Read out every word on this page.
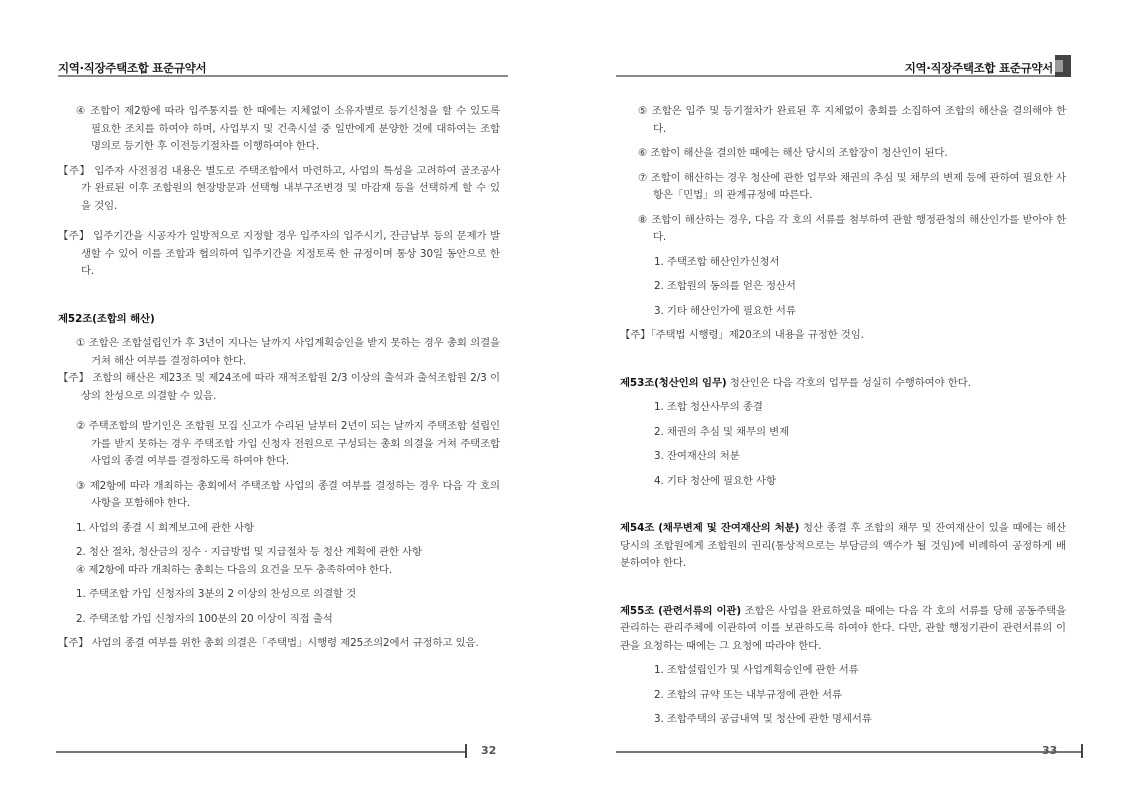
지역·직장주택조합 표준규약서

④ 조합이 제2항에 따라 입주통지를 한 때에는 지체없이 소유자별로 등기신청을 할 수 있도록 필요한 조치를 하여야 하며, 사업부지 및 건축시설 중 일반에게 분양한 것에 대하여는 조합명의로 등기한 후 이전등기절차를 이행하여야 한다.

【주】 입주자 사전점검 내용은 별도로 주택조합에서 마련하고, 사업의 특성을 고려하여 골조공사가 완료된 이후 조합원의 현장방문과 선택형 내부구조변경 및 마감재 등을 선택하게 할 수 있을 것임.

【주】 입주기간을 시공자가 일방적으로 지정할 경우 입주자의 입주시기, 잔금납부 등의 문제가 발생할 수 있어 이를 조합과 협의하여 입주기간을 지정토록 한 규정이며 통상 30일 동안으로 한다.

제52조(조합의 해산)

① 조합은 조합설립인가 후 3년이 지나는 날까지 사업계획승인을 받지 못하는 경우 총회 의결을 거쳐 해산 여부를 결정하여야 한다.

【주】 조합의 해산은 제23조 및 제24조에 따라 재적조합원 2/3 이상의 출석과 출석조합원 2/3 이상의 찬성으로 의결할 수 있음.

② 주택조합의 발기인은 조합원 모집 신고가 수리된 날부터 2년이 되는 날까지 주택조합 설립인가를 받지 못하는 경우 주택조합 가입 신청자 전원으로 구성되는 총회 의결을 거쳐 주택조합 사업의 종결 여부를 결정하도록 하여야 한다.

③ 제2항에 따라 개최하는 총회에서 주택조합 사업의 종결 여부를 결정하는 경우 다음 각 호의 사항을 포함해야 한다.

1. 사업의 종결 시 회계보고에 관한 사항

2. 청산 절차, 청산금의 징수 · 지급방법 및 지급절차 등 청산 계획에 관한 사항

④ 제2항에 따라 개최하는 총회는 다음의 요건을 모두 충족하여야 한다.

1. 주택조합 가입 신청자의 3분의 2 이상의 찬성으로 의결할 것

2. 주택조합 가입 신청자의 100분의 20 이상이 직접 출석

【주】 사업의 종결 여부를 위한 총회 의결은「주택법」시행령 제25조의2에서 규정하고 있음.

32
지역·직장주택조합 표준규약서

⑤ 조합은 입주 및 등기절차가 완료된 후 지체없이 총회를 소집하여 조합의 해산을 결의해야 한다.

⑥ 조합이 해산을 결의한 때에는 해산 당시의 조합장이 청산인이 된다.

⑦ 조합이 해산하는 경우 청산에 관한 업무와 채권의 추심 및 채무의 변제 등에 관하여 필요한 사항은「민법」의 관계규정에 따른다.

⑧ 조합이 해산하는 경우, 다음 각 호의 서류를 첨부하여 관할 행정관청의 해산인가를 받아야 한다.

1. 주택조합 해산인가신청서

2. 조합원의 동의를 얻은 정산서

3. 기타 해산인가에 필요한 서류

【주】「주택법 시행령」제20조의 내용을 규정한 것임.

제53조(청산인의 임무) 청산인은 다음 각호의 업무를 성실히 수행하여야 한다.

1. 조합 청산사무의 종결

2. 채권의 추심 및 채무의 변제

3. 잔여재산의 처분

4. 기타 청산에 필요한 사항

제54조 (채무변제 및 잔여재산의 처분) 청산 종결 후 조합의 채무 및 잔여재산이 있을 때에는 해산당시의 조합원에게 조합원의 권리(통상적으로는 부담금의 액수가 될 것임)에 비례하여 공정하게 배분하여야 한다.

제55조 (관련서류의 이관) 조합은 사업을 완료하였을 때에는 다음 각 호의 서류를 당해 공동주택을 관리하는 관리주체에 이관하여 이를 보관하도록 하여야 한다. 다만, 관할 행정기관이 관련서류의 이관을 요청하는 때에는 그 요청에 따라야 한다.

1. 조합설립인가 및 사업계획승인에 관한 서류

2. 조합의 규약 또는 내부규정에 관한 서류

3. 조합주택의 공급내역 및 청산에 관한 명세서류

33
